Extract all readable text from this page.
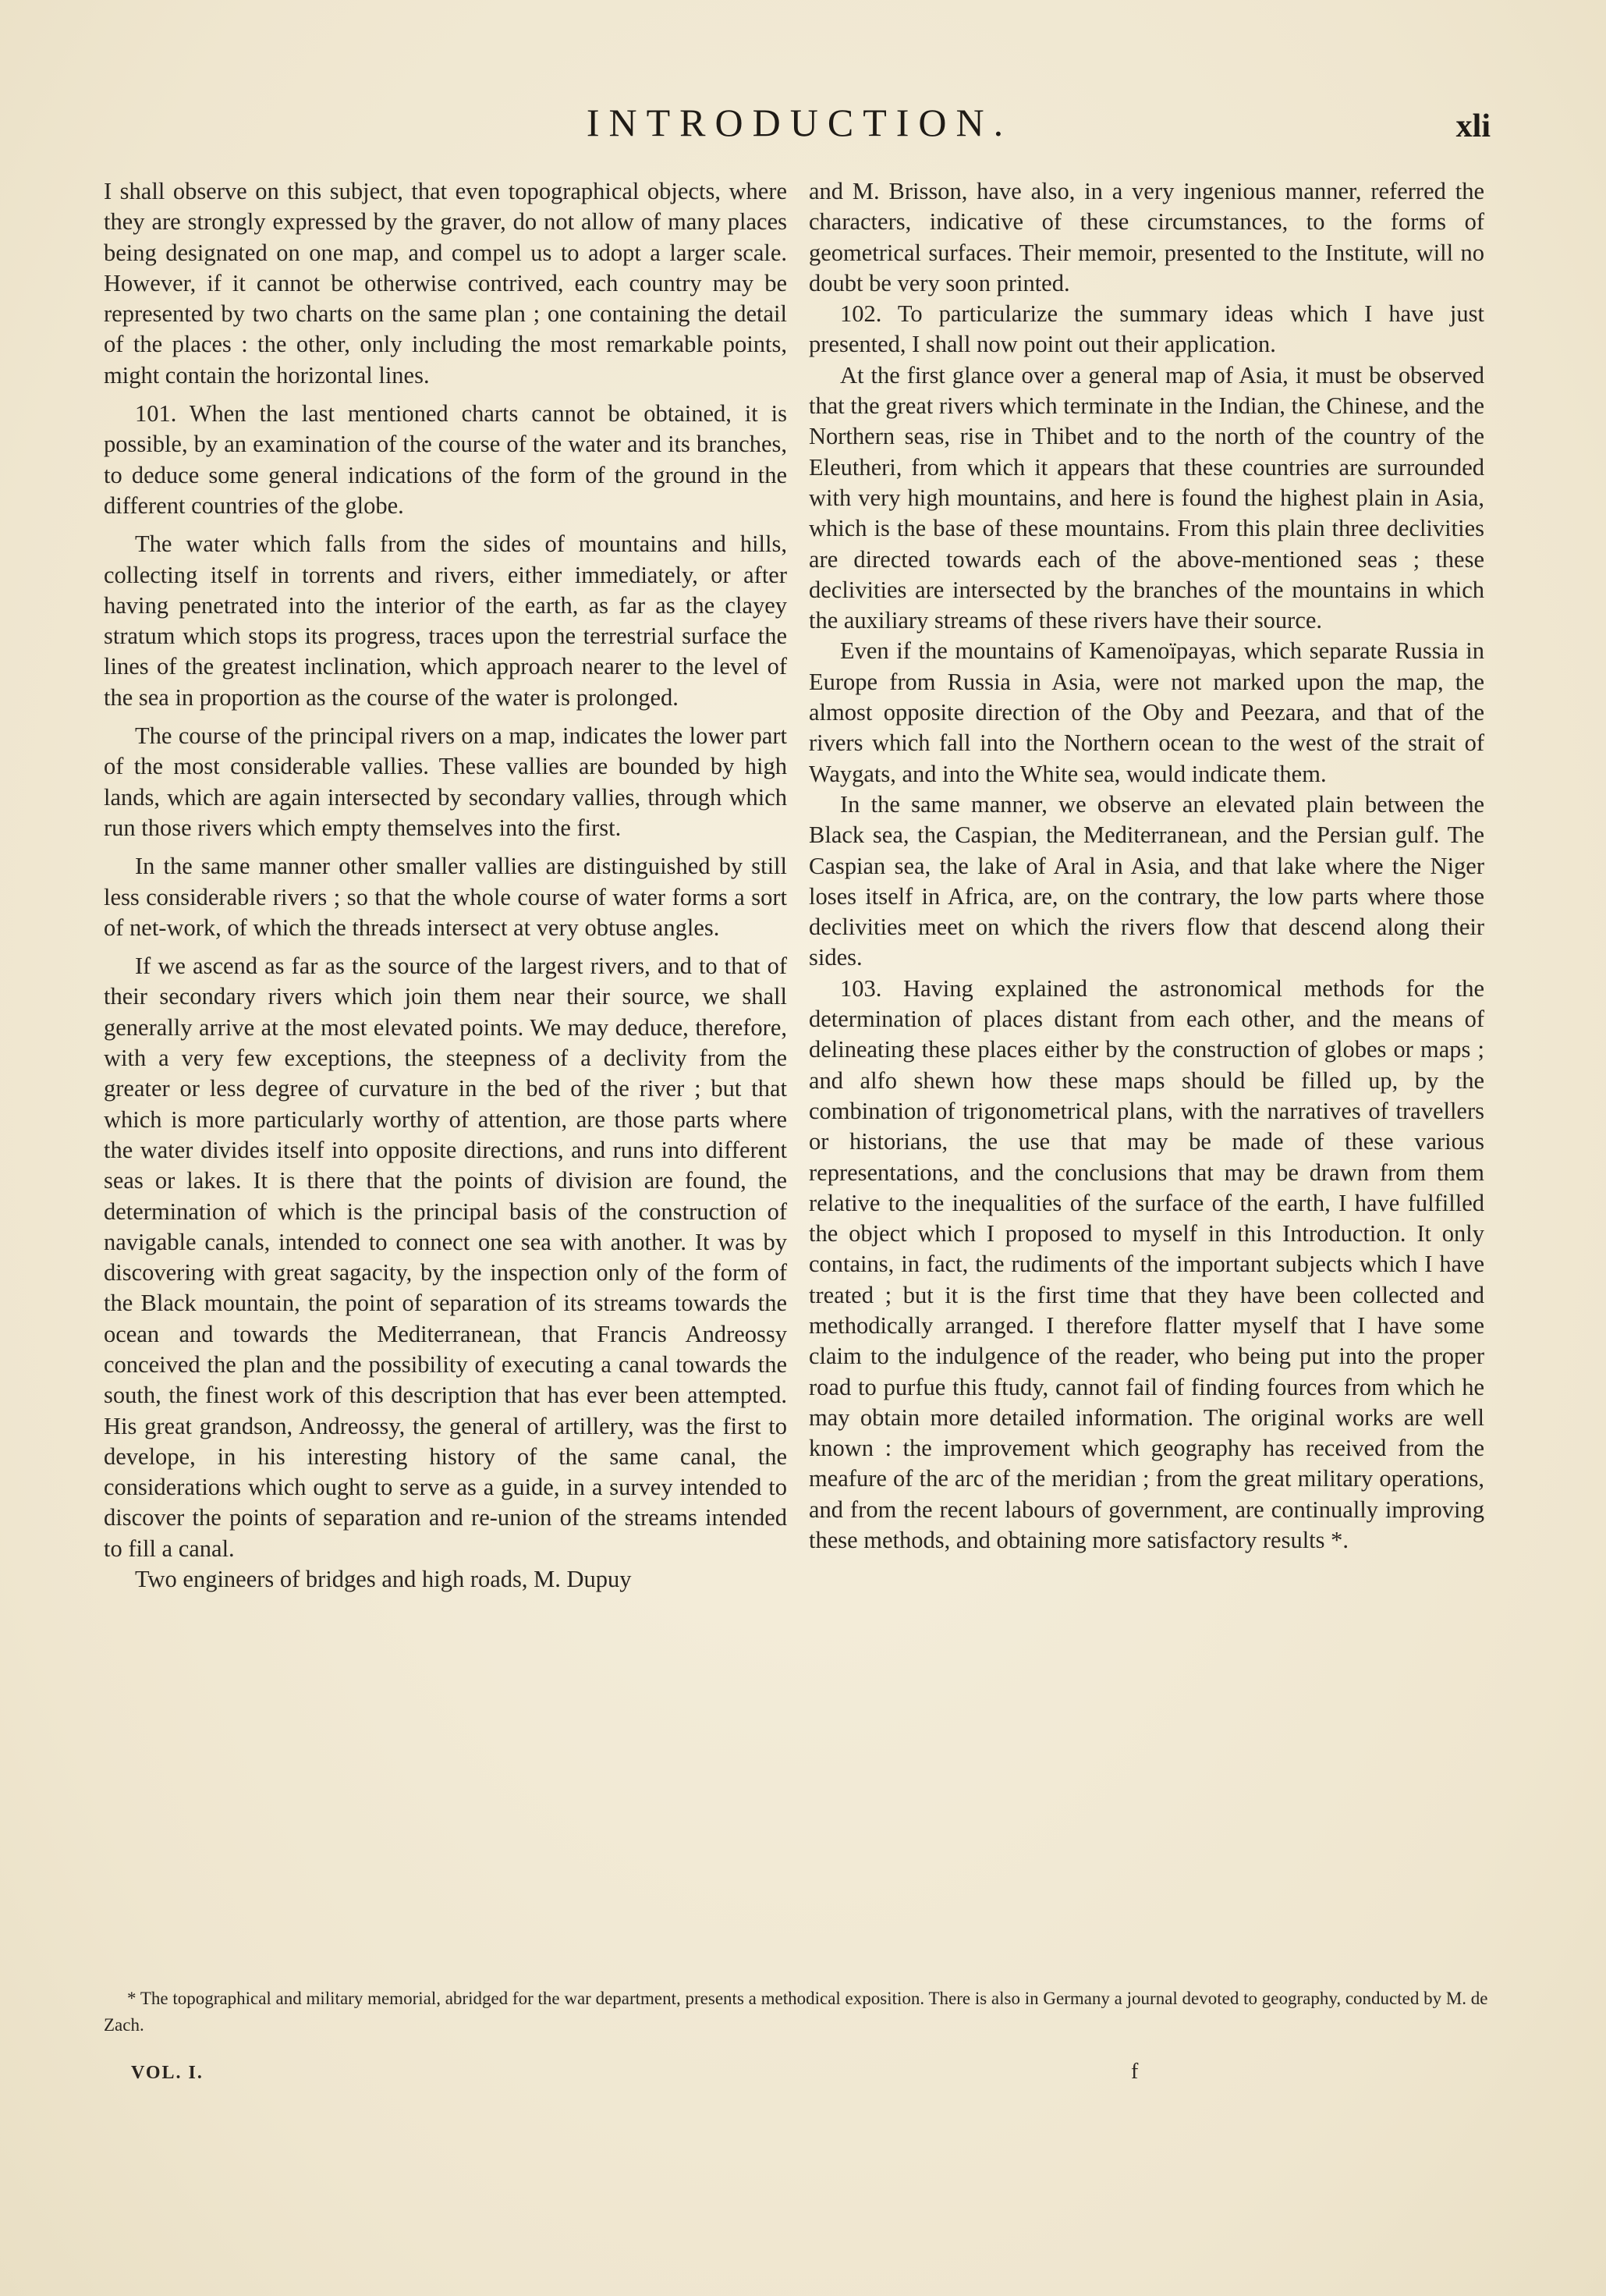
INTRODUCTION.	xli

I shall observe on this subject, that even topographical objects, where they are strongly expressed by the graver, do not allow of many places being designated on one map, and compel us to adopt a larger scale. However, if it cannot be otherwise contrived, each country may be represented by two charts on the same plan ; one containing the detail of the places : the other, only including the most remarkable points, might contain the horizontal lines.

101. When the last mentioned charts cannot be obtained, it is possible, by an examination of the course of the water and its branches, to deduce some general indications of the form of the ground in the different countries of the globe.

The water which falls from the sides of mountains and hills, collecting itself in torrents and rivers, either immediately, or after having penetrated into the interior of the earth, as far as the clayey stratum which stops its progress, traces upon the terrestrial surface the lines of the greatest inclination, which approach nearer to the level of the sea in proportion as the course of the water is prolonged.

The course of the principal rivers on a map, indicates the lower part of the most considerable vallies. These vallies are bounded by high lands, which are again intersected by secondary vallies, through which run those rivers which empty themselves into the first.

In the same manner other smaller vallies are distinguished by still less considerable rivers ; so that the whole course of water forms a sort of net-work, of which the threads intersect at very obtuse angles.

If we ascend as far as the source of the largest rivers, and to that of their secondary rivers which join them near their source, we shall generally arrive at the most elevated points. We may deduce, therefore, with a very few exceptions, the steepness of a declivity from the greater or less degree of curvature in the bed of the river ; but that which is more particularly worthy of attention, are those parts where the water divides itself into opposite directions, and runs into different seas or lakes. It is there that the points of division are found, the determination of which is the principal basis of the construction of navigable canals, intended to connect one sea with another. It was by discovering with great sagacity, by the inspection only of the form of the Black mountain, the point of separation of its streams towards the ocean and towards the Mediterranean, that Francis Andreossy conceived the plan and the possibility of executing a canal towards the south, the finest work of this description that has ever been attempted. His great grandson, Andreossy, the general of artillery, was the first to develope, in his interesting history of the same canal, the considerations which ought to serve as a guide, in a survey intended to discover the points of separation and re-union of the streams intended to fill a canal.

Two engineers of bridges and high roads, M. Dupuy

and M. Brisson, have also, in a very ingenious manner, referred the characters, indicative of these circumstances, to the forms of geometrical surfaces. Their memoir, presented to the Institute, will no doubt be very soon printed.

102. To particularize the summary ideas which I have just presented, I shall now point out their application.

At the first glance over a general map of Asia, it must be observed that the great rivers which terminate in the Indian, the Chinese, and the Northern seas, rise in Thibet and to the north of the country of the Eleutheri, from which it appears that these countries are surrounded with very high mountains, and here is found the highest plain in Asia, which is the base of these mountains. From this plain three declivities are directed towards each of the above-mentioned seas ; these declivities are intersected by the branches of the mountains in which the auxiliary streams of these rivers have their source.

Even if the mountains of Kamenoïpayas, which separate Russia in Europe from Russia in Asia, were not marked upon the map, the almost opposite direction of the Oby and Peezara, and that of the rivers which fall into the Northern ocean to the west of the strait of Waygats, and into the White sea, would indicate them.

In the same manner, we observe an elevated plain between the Black sea, the Caspian, the Mediterranean, and the Persian gulf. The Caspian sea, the lake of Aral in Asia, and that lake where the Niger loses itself in Africa, are, on the contrary, the low parts where those declivities meet on which the rivers flow that descend along their sides.

103. Having explained the astronomical methods for the determination of places distant from each other, and the means of delineating these places either by the construction of globes or maps ; and alfo shewn how these maps should be filled up, by the combination of trigonometrical plans, with the narratives of travellers or historians, the use that may be made of these various representations, and the conclusions that may be drawn from them relative to the inequalities of the surface of the earth, I have fulfilled the object which I proposed to myself in this Introduction. It only contains, in fact, the rudiments of the important subjects which I have treated ; but it is the first time that they have been collected and methodically arranged. I therefore flatter myself that I have some claim to the indulgence of the reader, who being put into the proper road to purfue this ftudy, cannot fail of finding fources from which he may obtain more detailed information. The original works are well known : the improvement which geography has received from the meafure of the arc of the meridian ; from the great military operations, and from the recent labours of government, are continually improving these methods, and obtaining more satisfactory results *.

* The topographical and military memorial, abridged for the war department, presents a methodical exposition. There is also in Germany a journal devoted to geography, conducted by M. de Zach.
VOL. I.	f
